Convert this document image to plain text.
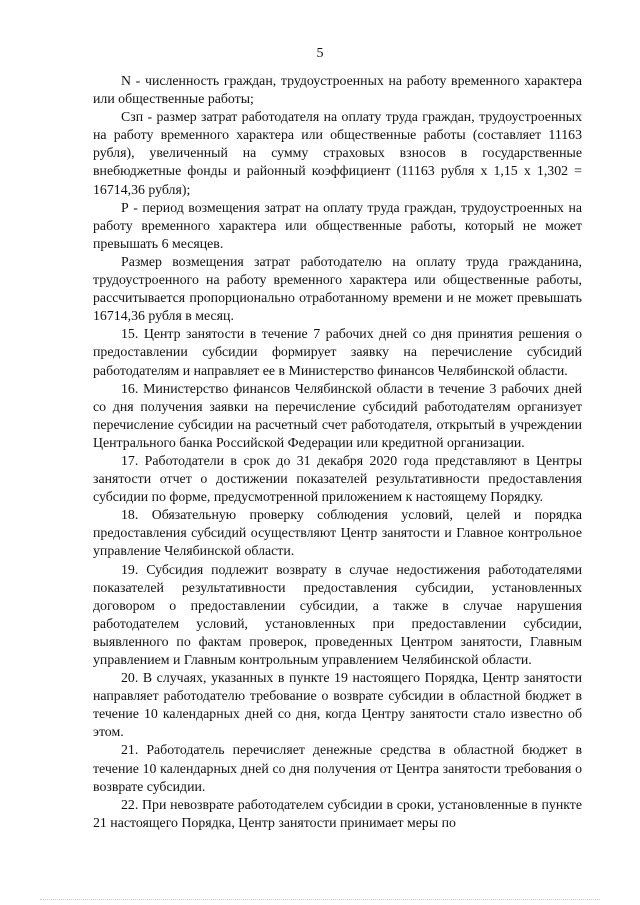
5

N - численность граждан, трудоустроенных на работу временного характера или общественные работы;

Сзп - размер затрат работодателя на оплату труда граждан, трудоустроенных на работу временного характера или общественные работы (составляет 11163 рубля), увеличенный на сумму страховых взносов в государственные внебюджетные фонды и районный коэффициент (11163 рубля х 1,15 х 1,302 = 16714,36 рубля);

Р - период возмещения затрат на оплату труда граждан, трудоустроенных на работу временного характера или общественные работы, который не может превышать 6 месяцев.

Размер возмещения затрат работодателю на оплату труда гражданина, трудоустроенного на работу временного характера или общественные работы, рассчитывается пропорционально отработанному времени и не может превышать 16714,36 рубля в месяц.

15. Центр занятости в течение 7 рабочих дней со дня принятия решения о предоставлении субсидии формирует заявку на перечисление субсидий работодателям и направляет ее в Министерство финансов Челябинской области.

16. Министерство финансов Челябинской области в течение 3 рабочих дней со дня получения заявки на перечисление субсидий работодателям организует перечисление субсидии на расчетный счет работодателя, открытый в учреждении Центрального банка Российской Федерации или кредитной организации.

17. Работодатели в срок до 31 декабря 2020 года представляют в Центры занятости отчет о достижении показателей результативности предоставления субсидии по форме, предусмотренной приложением к настоящему Порядку.

18. Обязательную проверку соблюдения условий, целей и порядка предоставления субсидий осуществляют Центр занятости и Главное контрольное управление Челябинской области.

19. Субсидия подлежит возврату в случае недостижения работодателями показателей результативности предоставления субсидии, установленных договором о предоставлении субсидии, а также в случае нарушения работодателем условий, установленных при предоставлении субсидии, выявленного по фактам проверок, проведенных Центром занятости, Главным управлением и Главным контрольным управлением Челябинской области.

20. В случаях, указанных в пункте 19 настоящего Порядка, Центр занятости направляет работодателю требование о возврате субсидии в областной бюджет в течение 10 календарных дней со дня, когда Центру занятости стало известно об этом.

21. Работодатель перечисляет денежные средства в областной бюджет в течение 10 календарных дней со дня получения от Центра занятости требования о возврате субсидии.

22. При невозврате работодателем субсидии в сроки, установленные в пункте 21 настоящего Порядка, Центр занятости принимает меры по
